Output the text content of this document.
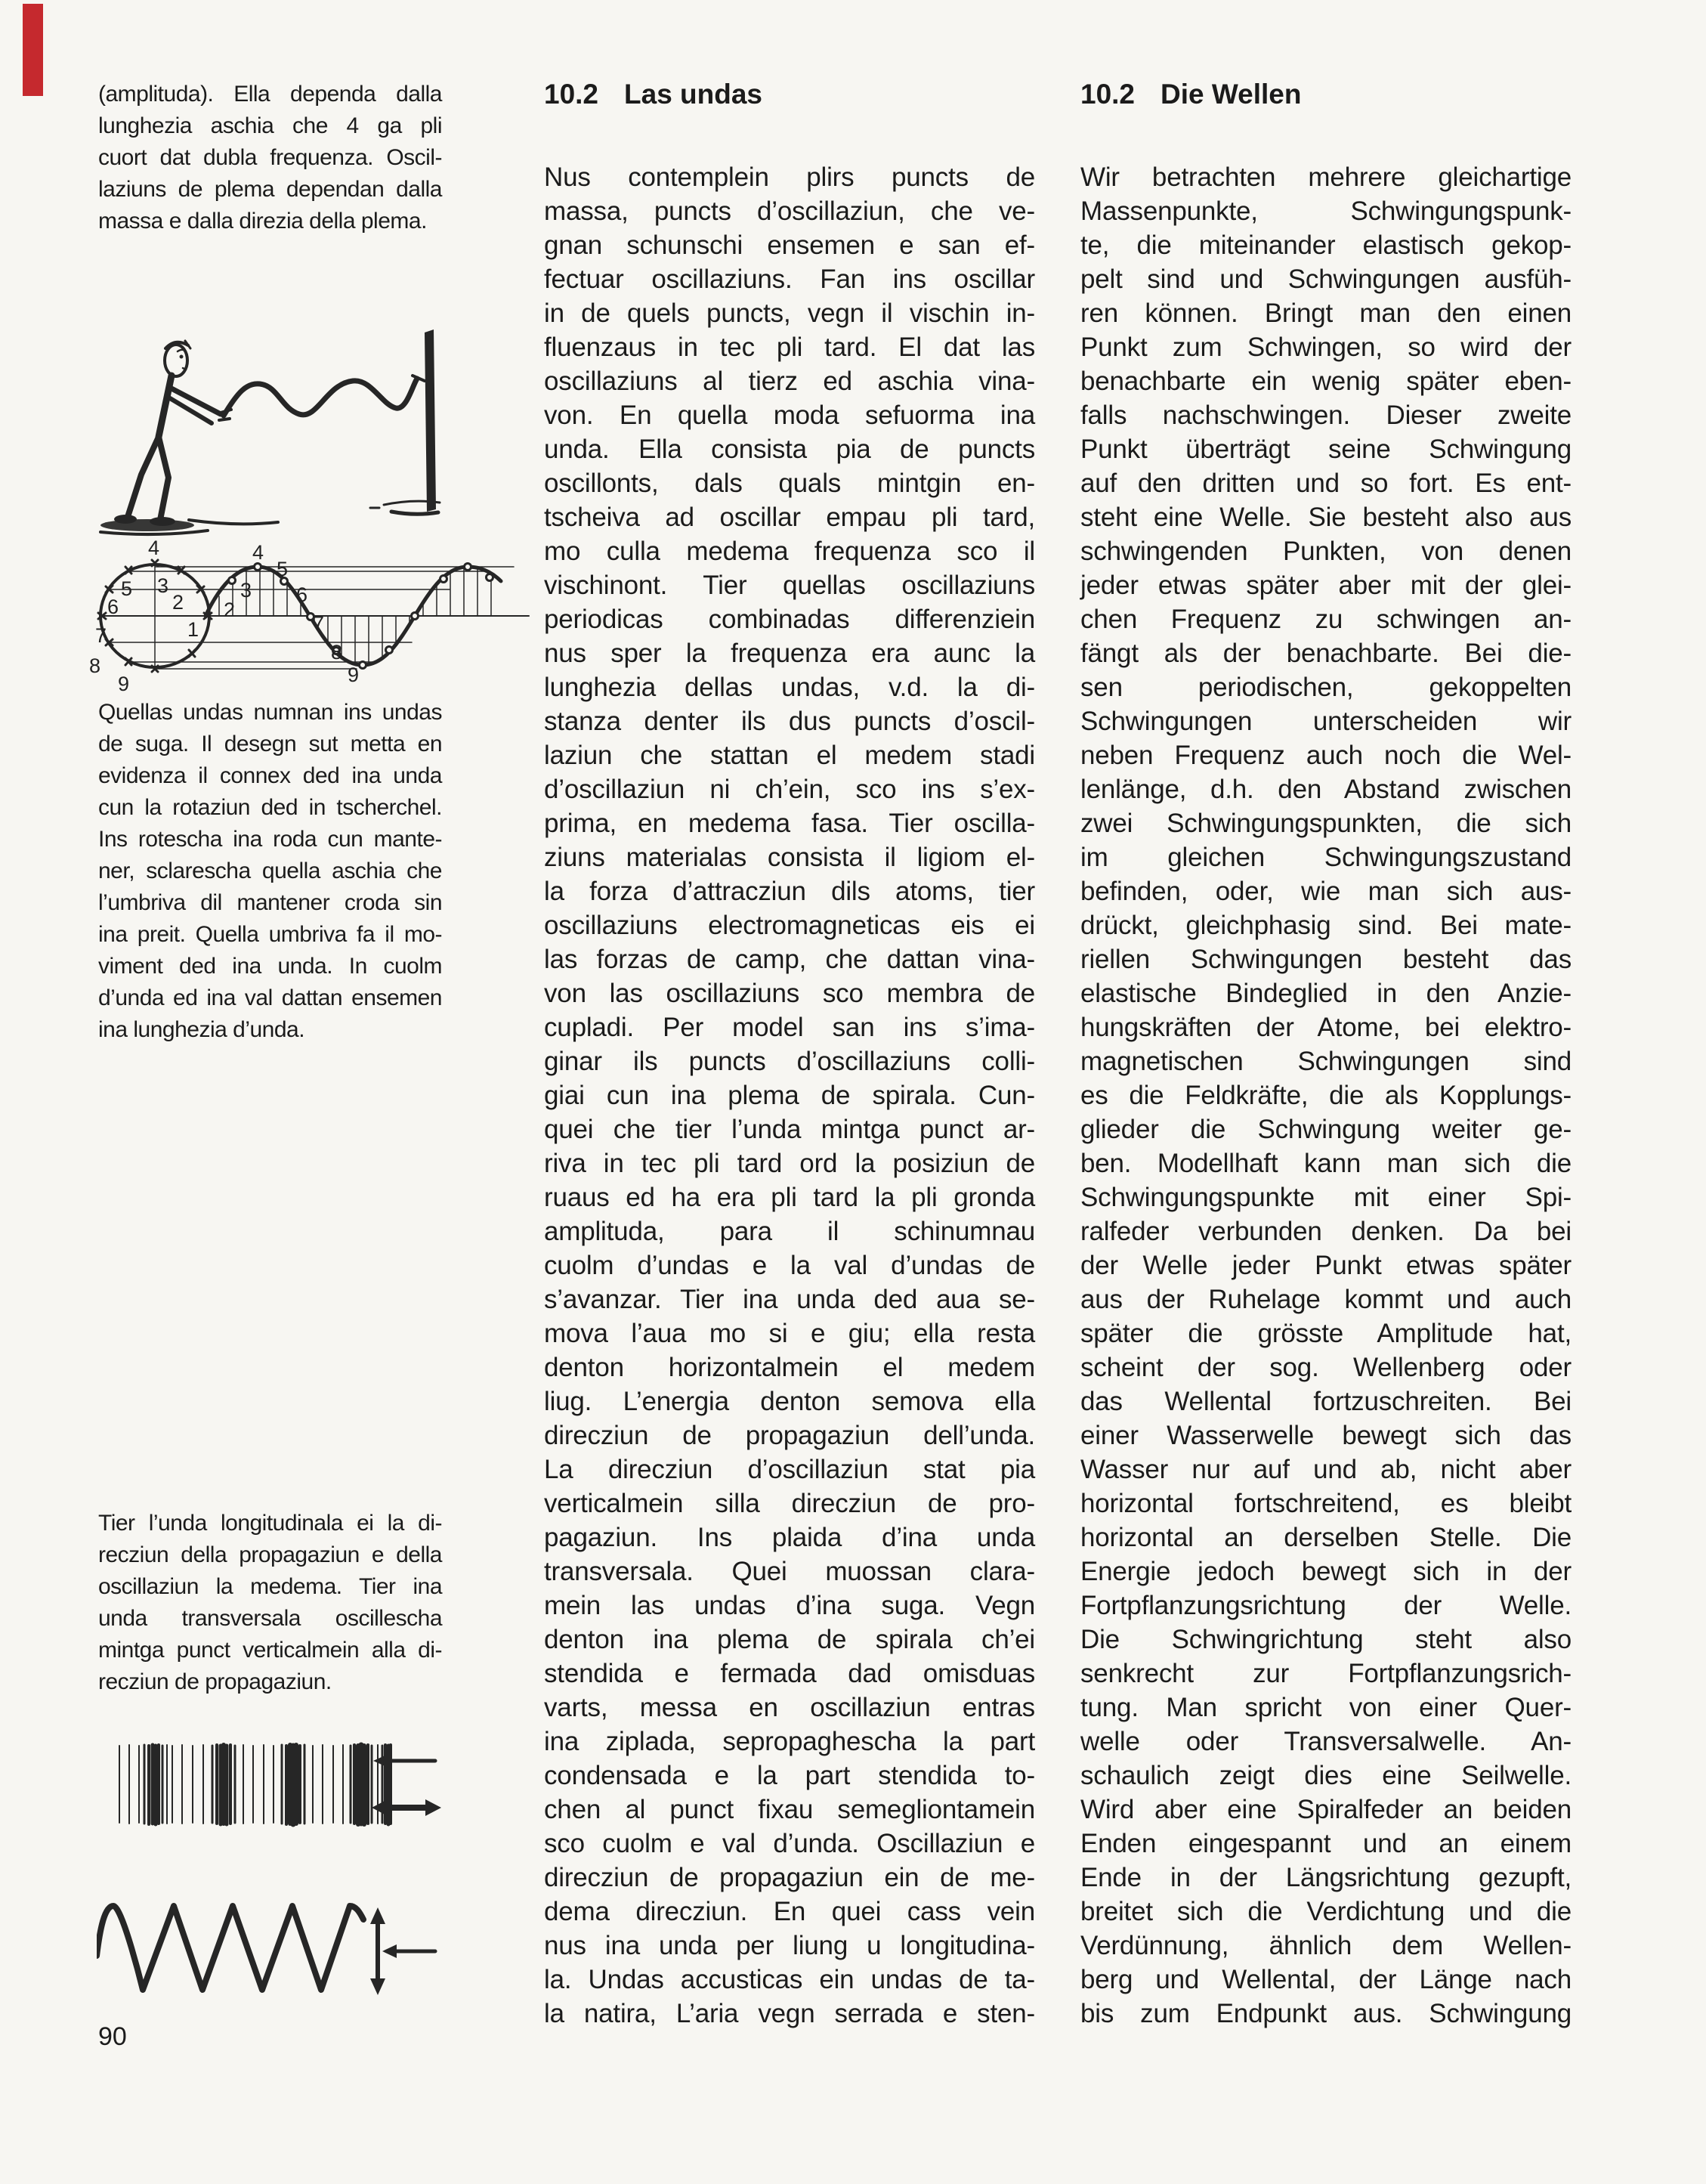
(amplituda). Ella dependa dalla
lunghezia aschia che 4 ga pli
cuort dat dubla frequenza. Oscil-
laziuns de plema dependan dalla
massa e dalla direzia della plema.
1
2
3
4
5
6
7
8
9
2
3
4
5
6
7
8
9
Quellas undas numnan ins undas
de suga. Il desegn sut metta en
evidenza il connex ded ina unda
cun la rotaziun ded in tscherchel.
Ins rotescha ina roda cun mante-
ner, sclarescha quella aschia che
l’umbriva dil mantener croda sin
ina preit. Quella umbriva fa il mo-
viment ded ina unda. In cuolm
d’unda ed ina val dattan ensemen
ina lunghezia d’unda.
Tier l’unda longitudinala ei la di-
recziun della propagaziun e della
oscillaziun la medema. Tier ina
unda transversala oscillescha
mintga punct verticalmein alla di-
recziun de propagaziun.
90
10.2 Las undas
Nus contemplein plirs puncts de
massa, puncts d’oscillaziun, che ve-
gnan schunschi ensemen e san ef-
fectuar oscillaziuns. Fan ins oscillar
in de quels puncts, vegn il vischin in-
fluenzaus in tec pli tard. El dat las
oscillaziuns al tierz ed aschia vina-
von. En quella moda sefuorma ina
unda. Ella consista pia de puncts
oscillonts, dals quals mintgin en-
tscheiva ad oscillar empau pli tard,
mo culla medema frequenza sco il
vischinont. Tier quellas oscillaziuns
periodicas combinadas differenziein
nus sper la frequenza era aunc la
lunghezia dellas undas, v.d. la di-
stanza denter ils dus puncts d’oscil-
laziun che stattan el medem stadi
d’oscillaziun ni ch’ein, sco ins s’ex-
prima, en medema fasa. Tier oscilla-
ziuns materialas consista il ligiom el-
la forza d’attracziun dils atoms, tier
oscillaziuns electromagneticas eis ei
las forzas de camp, che dattan vina-
von las oscillaziuns sco membra de
cupladi. Per model san ins s’ima-
ginar ils puncts d’oscillaziuns colli-
giai cun ina plema de spirala. Cun-
quei che tier l’unda mintga punct ar-
riva in tec pli tard ord la posiziun de
ruaus ed ha era pli tard la pli gronda
amplituda, para il schinumnau
cuolm d’undas e la val d’undas de
s’avanzar. Tier ina unda ded aua se-
mova l’aua mo si e giu; ella resta
denton horizontalmein el medem
liug. L’energia denton semova ella
direcziun de propagaziun dell’unda.
La direcziun d’oscillaziun stat pia
verticalmein silla direcziun de pro-
pagaziun. Ins plaida d’ina unda
transversala. Quei muossan clara-
mein las undas d’ina suga. Vegn
denton ina plema de spirala ch’ei
stendida e fermada dad omisduas
varts, messa en oscillaziun entras
ina ziplada, sepropaghescha la part
condensada e la part stendida to-
chen al punct fixau semegliontamein
sco cuolm e val d’unda. Oscillaziun e
direcziun de propagaziun ein de me-
dema direcziun. En quei cass vein
nus ina unda per liung u longitudina-
la. Undas accusticas ein undas de ta-
la natira, L’aria vegn serrada e sten-
10.2 Die Wellen
Wir betrachten mehrere gleichartige
Massenpunkte, Schwingungspunk-
te, die miteinander elastisch gekop-
pelt sind und Schwingungen ausfüh-
ren können. Bringt man den einen
Punkt zum Schwingen, so wird der
benachbarte ein wenig später eben-
falls nachschwingen. Dieser zweite
Punkt überträgt seine Schwingung
auf den dritten und so fort. Es ent-
steht eine Welle. Sie besteht also aus
schwingenden Punkten, von denen
jeder etwas später aber mit der glei-
chen Frequenz zu schwingen an-
fängt als der benachbarte. Bei die-
sen periodischen, gekoppelten
Schwingungen unterscheiden wir
neben Frequenz auch noch die Wel-
lenlänge, d.h. den Abstand zwischen
zwei Schwingungspunkten, die sich
im gleichen Schwingungszustand
befinden, oder, wie man sich aus-
drückt, gleichphasig sind. Bei mate-
riellen Schwingungen besteht das
elastische Bindeglied in den Anzie-
hungskräften der Atome, bei elektro-
magnetischen Schwingungen sind
es die Feldkräfte, die als Kopplungs-
glieder die Schwingung weiter ge-
ben. Modellhaft kann man sich die
Schwingungspunkte mit einer Spi-
ralfeder verbunden denken. Da bei
der Welle jeder Punkt etwas später
aus der Ruhelage kommt und auch
später die grösste Amplitude hat,
scheint der sog. Wellenberg oder
das Wellental fortzuschreiten. Bei
einer Wasserwelle bewegt sich das
Wasser nur auf und ab, nicht aber
horizontal fortschreitend, es bleibt
horizontal an derselben Stelle. Die
Energie jedoch bewegt sich in der
Fortpflanzungsrichtung der Welle.
Die Schwingrichtung steht also
senkrecht zur Fortpflanzungsrich-
tung. Man spricht von einer Quer-
welle oder Transversalwelle. An-
schaulich zeigt dies eine Seilwelle.
Wird aber eine Spiralfeder an beiden
Enden eingespannt und an einem
Ende in der Längsrichtung gezupft,
breitet sich die Verdichtung und die
Verdünnung, ähnlich dem Wellen-
berg und Wellental, der Länge nach
bis zum Endpunkt aus. Schwingung
